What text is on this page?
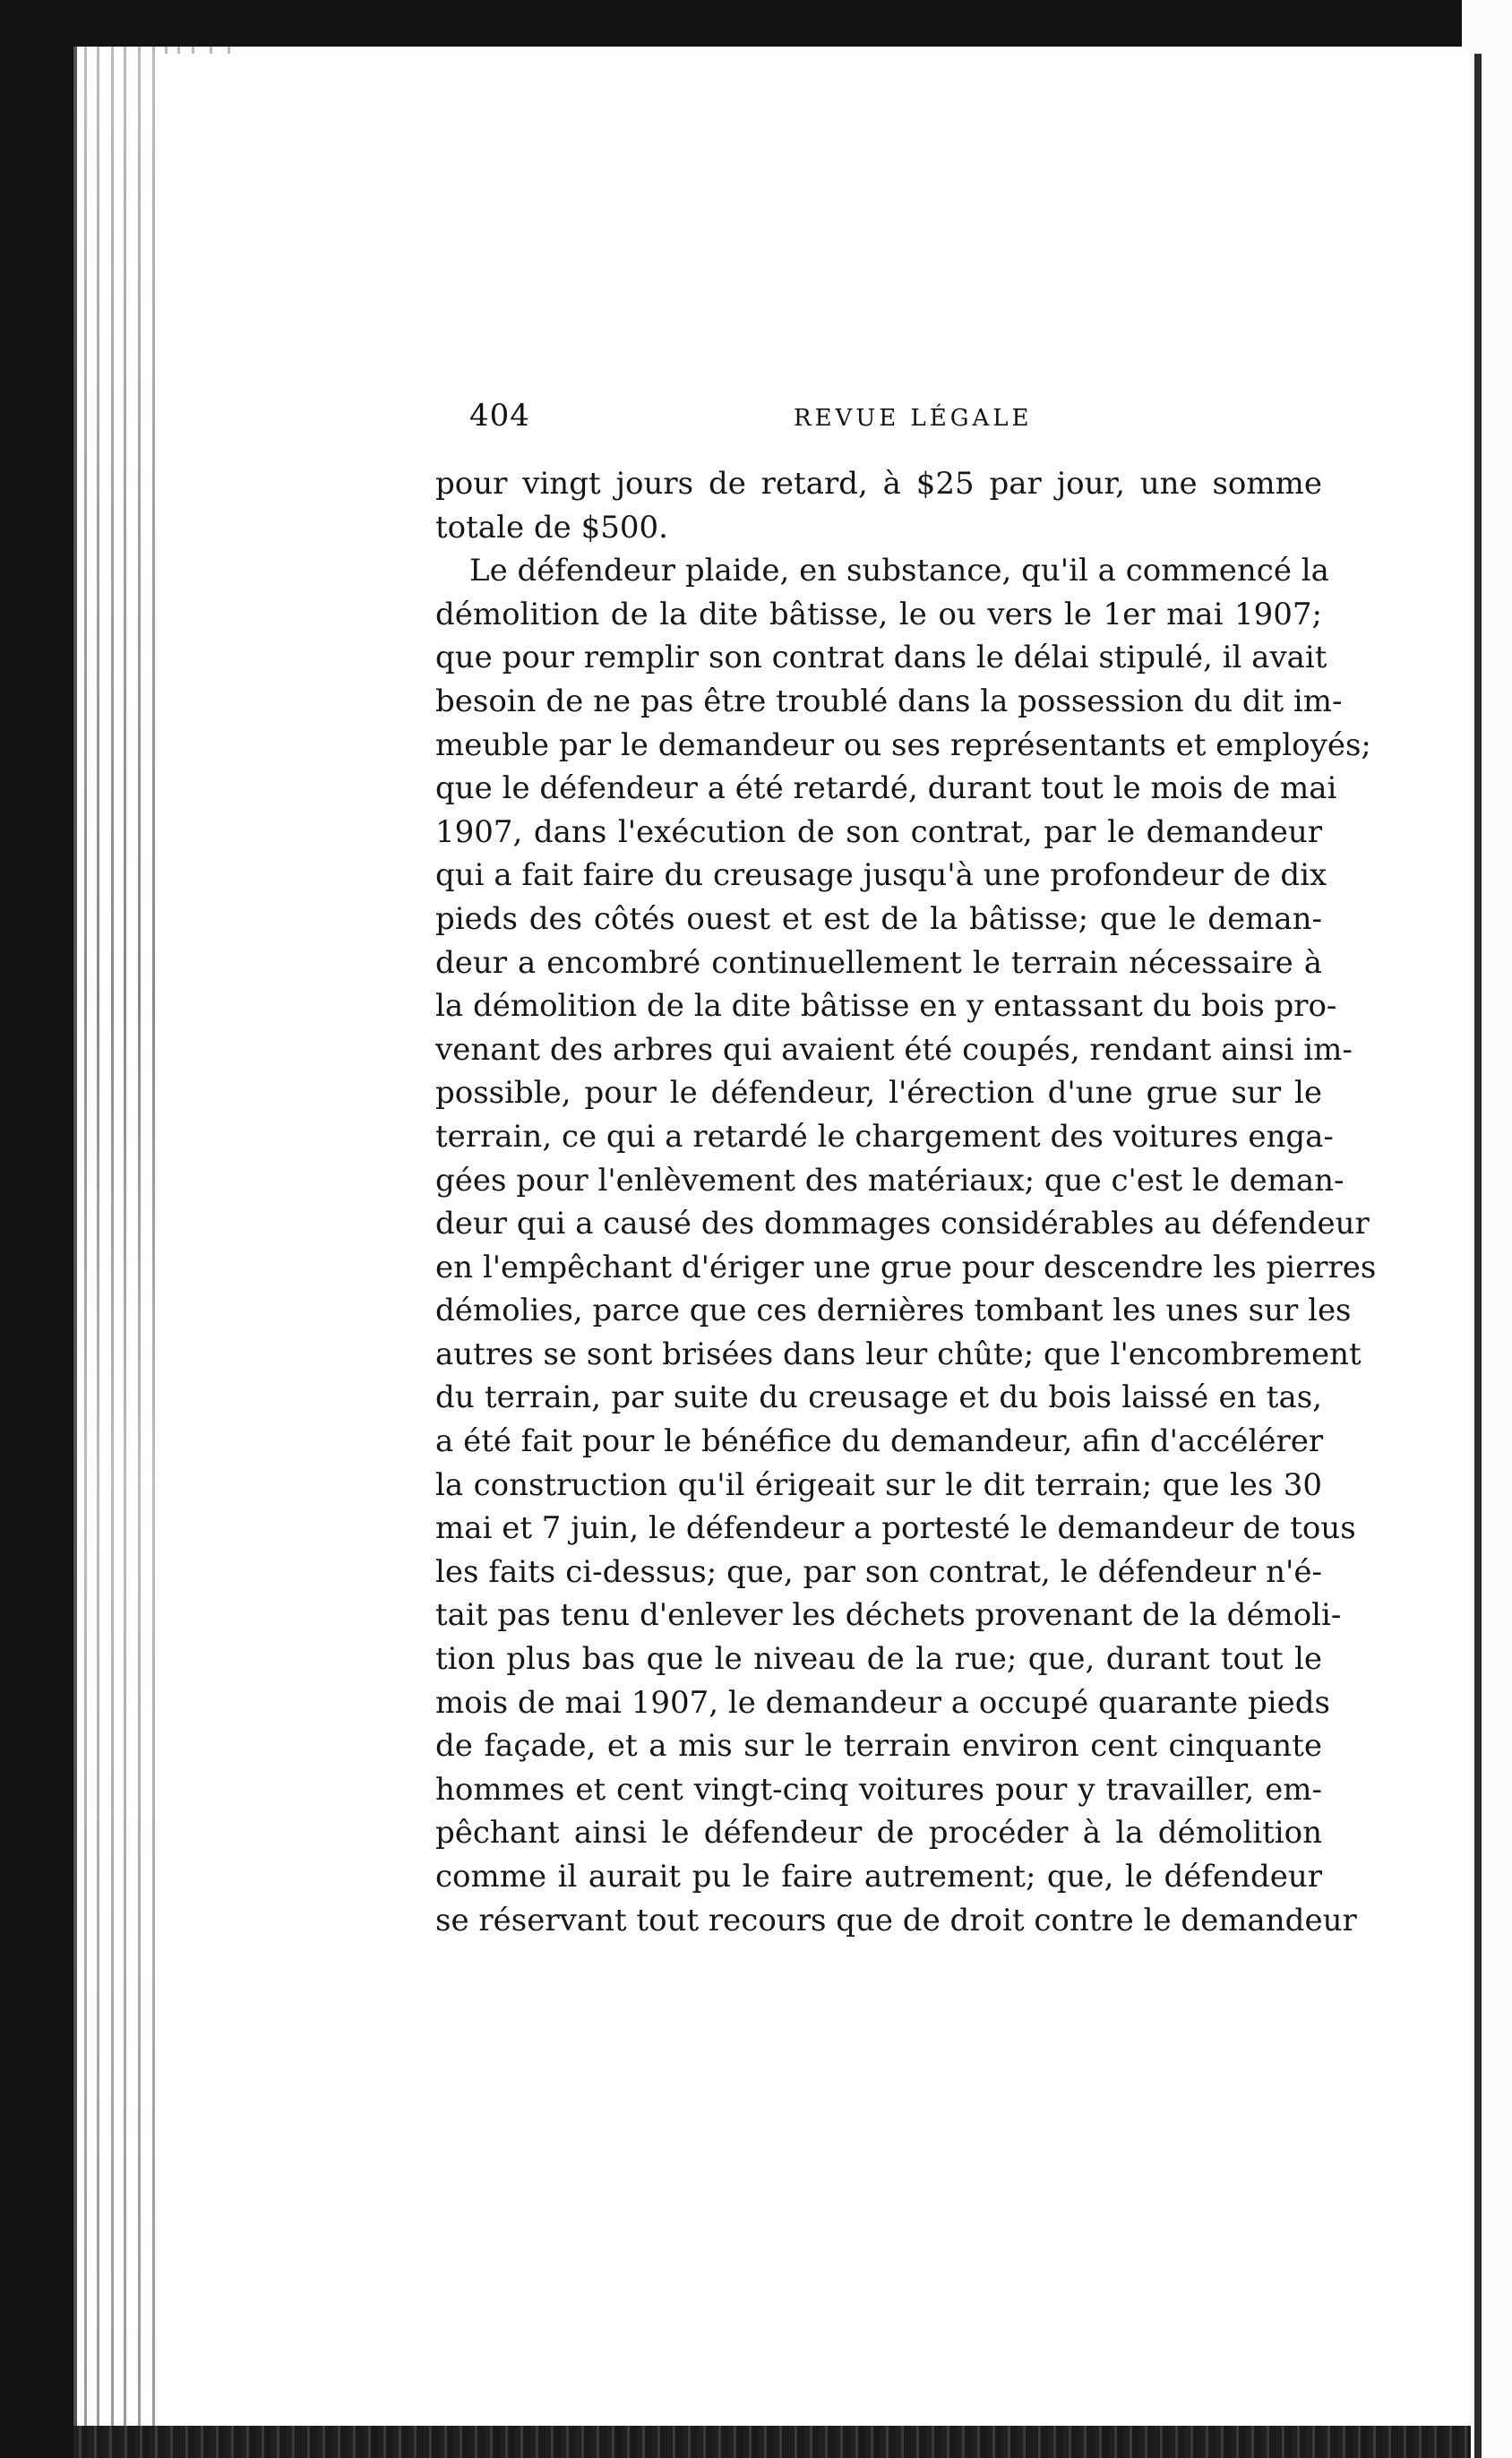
404	REVUE LÉGALE
pour vingt jours de retard, à $25 par jour, une somme
totale de $500.
Le défendeur plaide, en substance, qu'il a commencé la
démolition de la dite bâtisse, le ou vers le 1er mai 1907;
que pour remplir son contrat dans le délai stipulé, il avait
besoin de ne pas être troublé dans la possession du dit im-
meuble par le demandeur ou ses représentants et employés;
que le défendeur a été retardé, durant tout le mois de mai
1907, dans l'exécution de son contrat, par le demandeur
qui a fait faire du creusage jusqu'à une profondeur de dix
pieds des côtés ouest et est de la bâtisse; que le deman-
deur a encombré continuellement le terrain nécessaire à
la démolition de la dite bâtisse en y entassant du bois pro-
venant des arbres qui avaient été coupés, rendant ainsi im-
possible, pour le défendeur, l'érection d'une grue sur le
terrain, ce qui a retardé le chargement des voitures enga-
gées pour l'enlèvement des matériaux; que c'est le deman-
deur qui a causé des dommages considérables au défendeur
en l'empêchant d'ériger une grue pour descendre les pierres
démolies, parce que ces dernières tombant les unes sur les
autres se sont brisées dans leur chûte; que l'encombrement
du terrain, par suite du creusage et du bois laissé en tas,
a été fait pour le bénéfice du demandeur, afin d'accélérer
la construction qu'il érigeait sur le dit terrain; que les 30
mai et 7 juin, le défendeur a portesté le demandeur de tous
les faits ci-dessus; que, par son contrat, le défendeur n'é-
tait pas tenu d'enlever les déchets provenant de la démoli-
tion plus bas que le niveau de la rue; que, durant tout le
mois de mai 1907, le demandeur a occupé quarante pieds
de façade, et a mis sur le terrain environ cent cinquante
hommes et cent vingt-cinq voitures pour y travailler, em-
pêchant ainsi le défendeur de procéder à la démolition
comme il aurait pu le faire autrement; que, le défendeur
se réservant tout recours que de droit contre le demandeur
